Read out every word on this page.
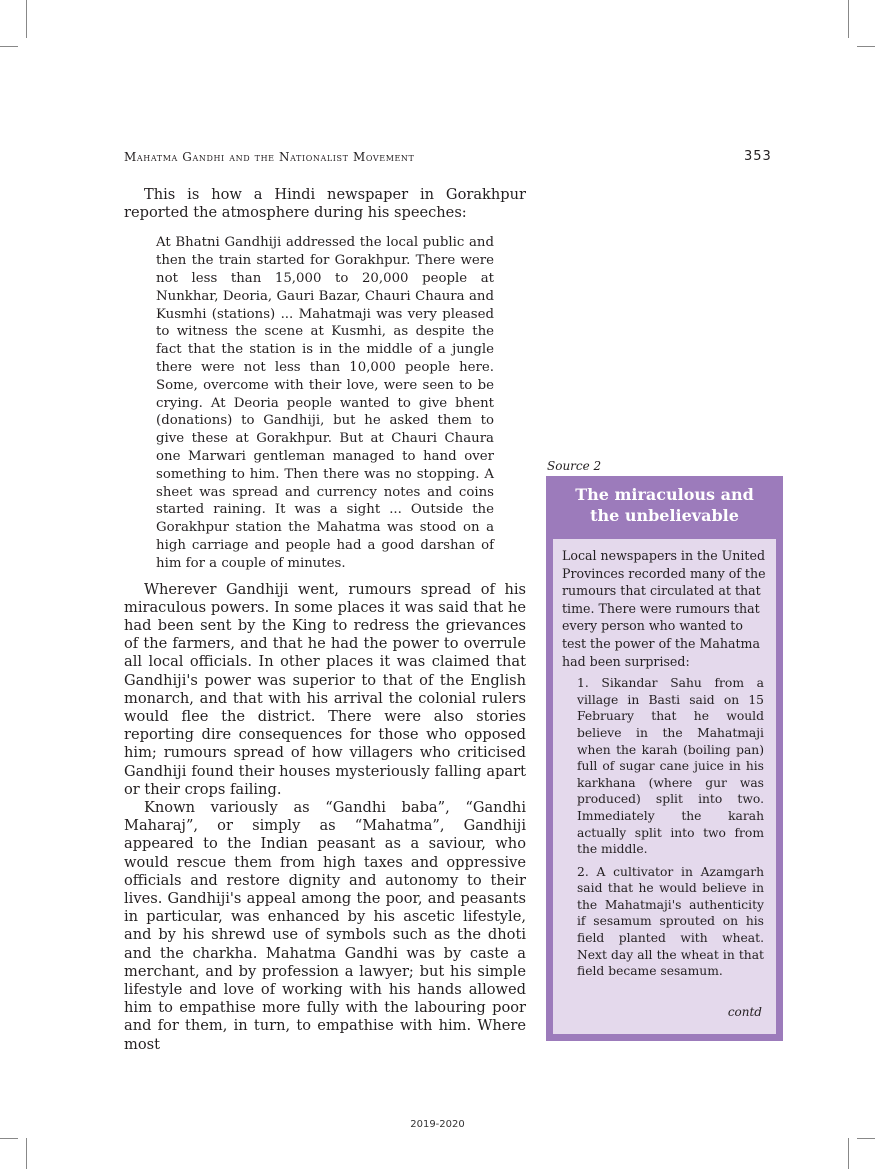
Mahatma Gandhi and the Nationalist Movement	353

This is how a Hindi newspaper in Gorakhpur reported the atmosphere during his speeches:

At Bhatni Gandhiji addressed the local public and then the train started for Gorakhpur. There were not less than 15,000 to 20,000 people at Nunkhar, Deoria, Gauri Bazar, Chauri Chaura and Kusmhi (stations) ... Mahatmaji was very pleased to witness the scene at Kusmhi, as despite the fact that the station is in the middle of a jungle there were not less than 10,000 people here. Some, overcome with their love, were seen to be crying. At Deoria people wanted to give bhent (donations) to Gandhiji, but he asked them to give these at Gorakhpur. But at Chauri Chaura one Marwari gentleman managed to hand over something to him. Then there was no stopping. A sheet was spread and currency notes and coins started raining. It was a sight ... Outside the Gorakhpur station the Mahatma was stood on a high carriage and people had a good darshan of him for a couple of minutes.

Wherever Gandhiji went, rumours spread of his miraculous powers. In some places it was said that he had been sent by the King to redress the grievances of the farmers, and that he had the power to overrule all local officials. In other places it was claimed that Gandhiji's power was superior to that of the English monarch, and that with his arrival the colonial rulers would flee the district. There were also stories reporting dire consequences for those who opposed him; rumours spread of how villagers who criticised Gandhiji found their houses mysteriously falling apart or their crops failing.

Known variously as “Gandhi baba”, “Gandhi Maharaj”, or simply as “Mahatma”, Gandhiji appeared to the Indian peasant as a saviour, who would rescue them from high taxes and oppressive officials and restore dignity and autonomy to their lives. Gandhiji's appeal among the poor, and peasants in particular, was enhanced by his ascetic lifestyle, and by his shrewd use of symbols such as the dhoti and the charkha. Mahatma Gandhi was by caste a merchant, and by profession a lawyer; but his simple lifestyle and love of working with his hands allowed him to empathise more fully with the labouring poor and for them, in turn, to empathise with him. Where most

Source 2
The miraculous and
the unbelievable
Local newspapers in the United Provinces recorded many of the rumours that circulated at that time. There were rumours that every person who wanted to test the power of the Mahatma had been surprised:
1. Sikandar Sahu from a village in Basti said on 15 February that he would believe in the Mahatmaji when the karah (boiling pan) full of sugar cane juice in his karkhana (where gur was produced) split into two. Immediately the karah actually split into two from the middle.
2. A cultivator in Azamgarh said that he would believe in the Mahatmaji's authenticity if sesamum sprouted on his field planted with wheat. Next day all the wheat in that field became sesamum.
contd
2019-2020
